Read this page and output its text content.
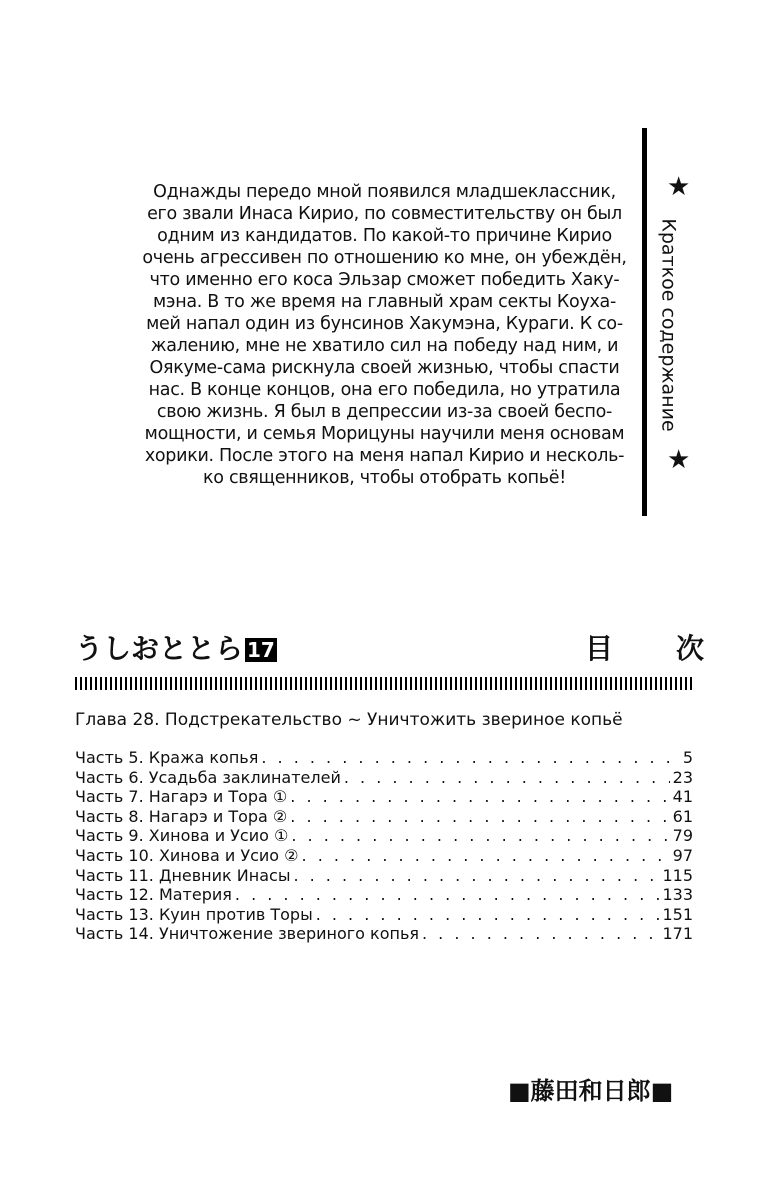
Однажды передо мной появился младшеклассник,
его звали Инаса Кирио, по совместительству он был
одним из кандидатов. По какой-то причине Кирио
очень агрессивен по отношению ко мне, он убеждён,
что именно его коса Эльзар сможет победить Хаку-
мэна. В то же время на главный храм секты Коуха-
мей напал один из бунсинов Хакумэна, Кураги. К со-
жалению, мне не хватило сил на победу над ним, и
Оякуме-сама рискнула своей жизнью, чтобы спасти
нас. В конце концов, она его победила, но утратила
свою жизнь. Я был в депрессии из-за своей беспо-
мощности, и семья Морицуны научили меня основам
хорики. После этого на меня напал Кирио и несколь-
ко священников, чтобы отобрать копьё!
★
★
Краткое содержание
うしおととら 17	目 次
Глава 28. Подстрекательство ~ Уничтожить звериное копьё
Часть 5. Кража копья . . .	5
Часть 6. Усадьба заклинателей . . .	23
Часть 7. Нагарэ и Тора ① . . .	41
Часть 8. Нагарэ и Тора ② . . .	61
Часть 9. Хинова и Усио ① . . .	79
Часть 10. Хинова и Усио ② . . .	97
Часть 11. Дневник Инасы . . .	115
Часть 12. Материя . . .	133
Часть 13. Куин против Торы . . .	151
Часть 14. Уничтожение звериного копья . . .	171
■藤田和日郎■
